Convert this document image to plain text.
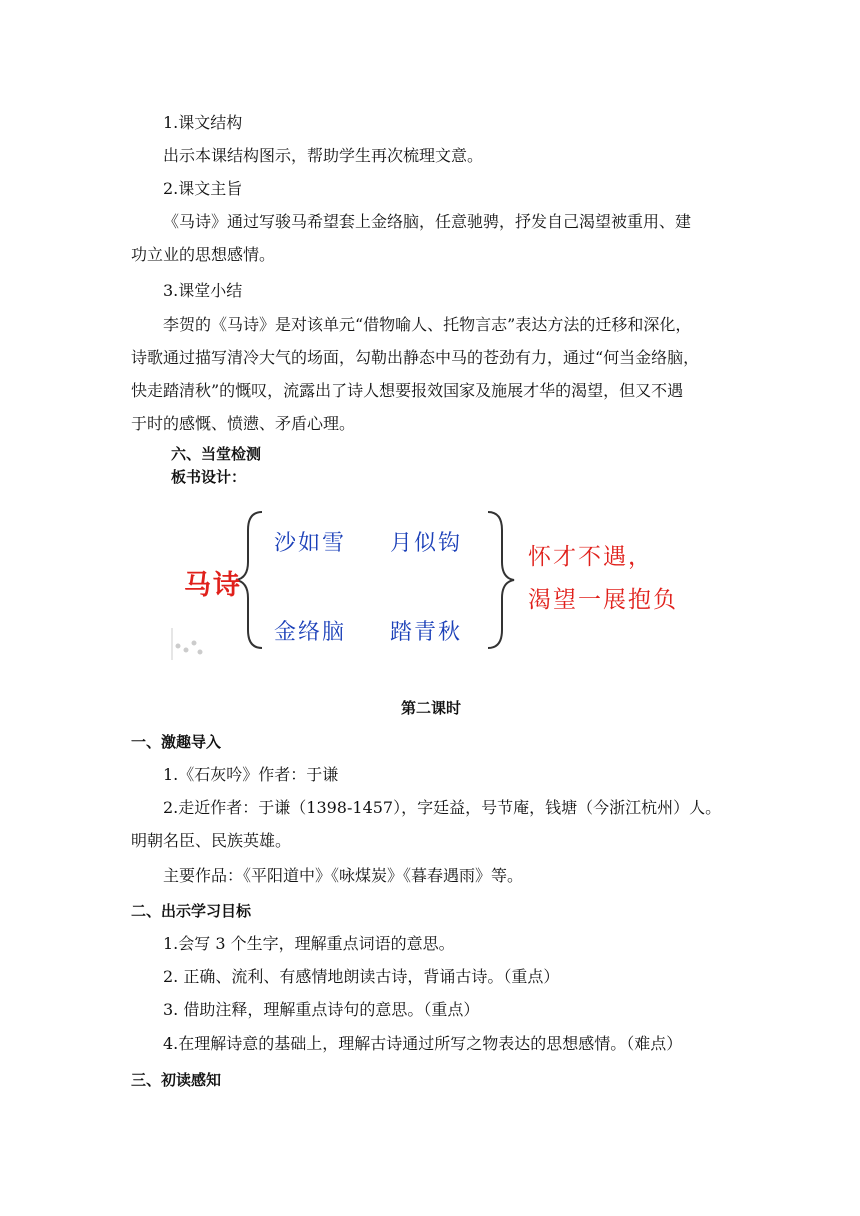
1.课文结构

出示本课结构图示，帮助学生再次梳理文意。

2.课文主旨

《马诗》通过写骏马希望套上金络脑，任意驰骋，抒发自己渴望被重用、建

功立业的思想感情。

3.课堂小结

李贺的《马诗》是对该单元“借物喻人、托物言志”表达方法的迁移和深化，

诗歌通过描写清冷大气的场面，勾勒出静态中马的苍劲有力，通过“何当金络脑，

快走踏清秋”的慨叹，流露出了诗人想要报效国家及施展才华的渴望，但又不遇

于时的感慨、愤懑、矛盾心理。

六、当堂检测

板书设计：

马诗
沙如雪 月似钩
金络脑 踏青秋
怀才不遇，
渴望一展抱负

第二课时

一、激趣导入

1.《石灰吟》作者：于谦

2.走近作者：于谦（1398-1457），字廷益，号节庵，钱塘（今浙江杭州）人。

明朝名臣、民族英雄。

主要作品：《平阳道中》《咏煤炭》《暮春遇雨》等。

二、出示学习目标

1.会写 3 个生字，理解重点词语的意思。

2. 正确、流利、有感情地朗读古诗，背诵古诗。（重点）

3. 借助注释，理解重点诗句的意思。（重点）

4.在理解诗意的基础上，理解古诗通过所写之物表达的思想感情。（难点）

三、初读感知
